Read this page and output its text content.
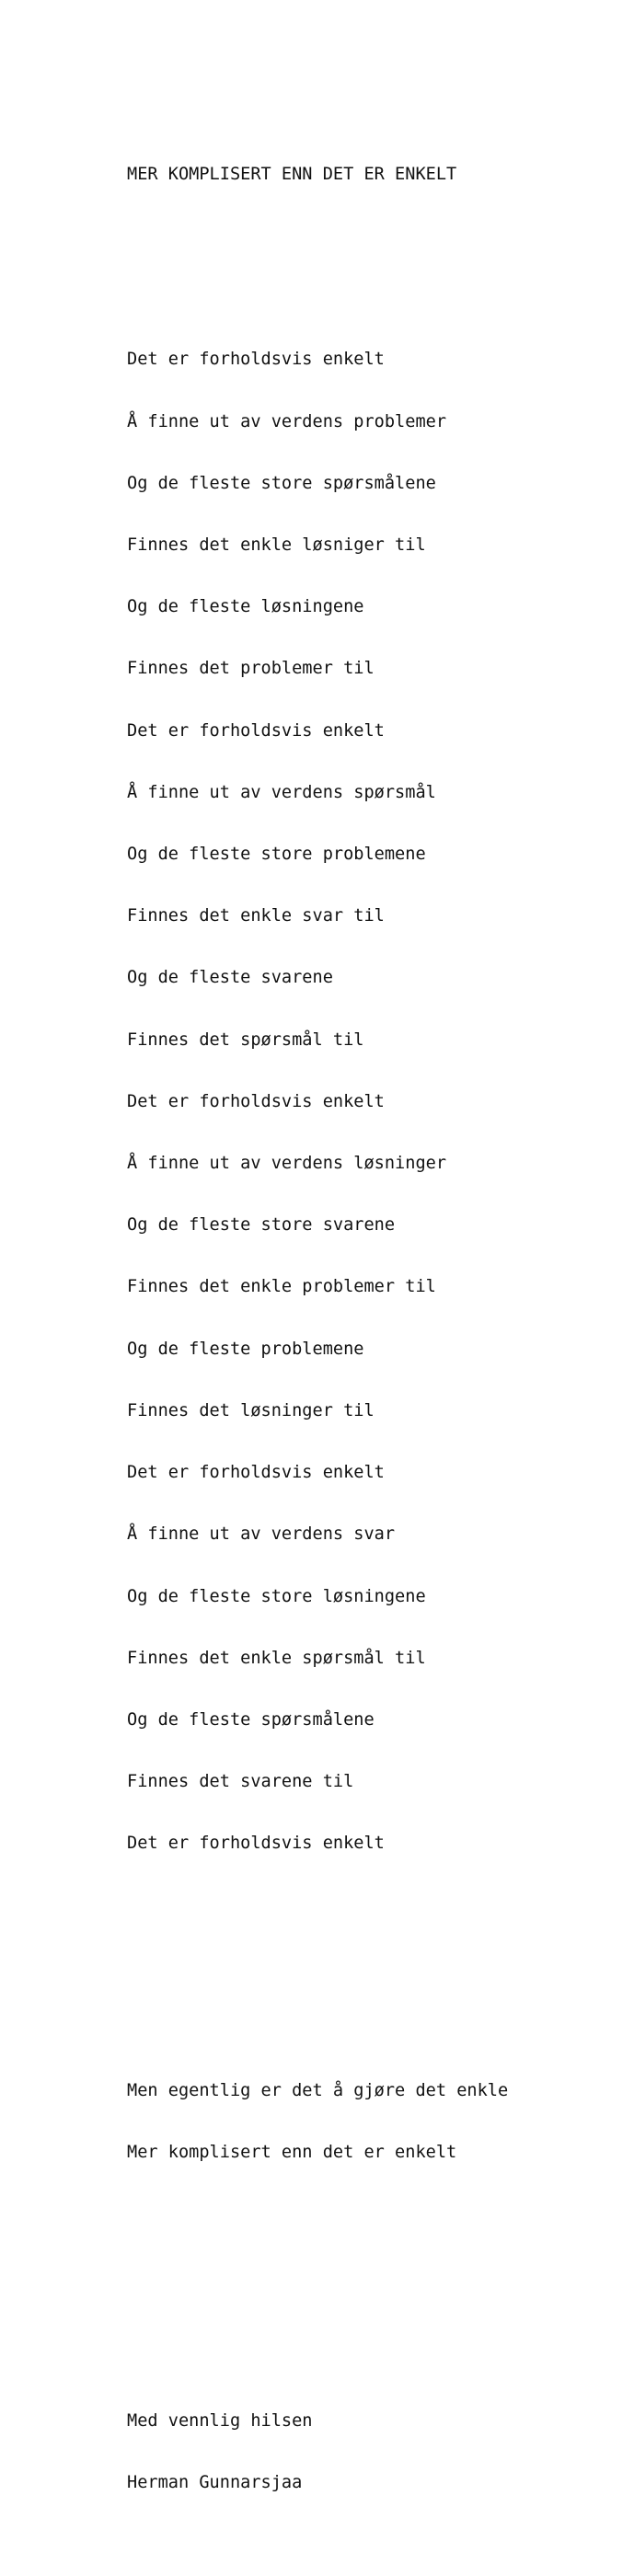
MER KOMPLISERT ENN DET ER ENKELT

Det er forholdsvis enkelt

Å finne ut av verdens problemer

Og de fleste store spørsmålene

Finnes det enkle løsniger til

Og de fleste løsningene

Finnes det problemer til

Det er forholdsvis enkelt

Å finne ut av verdens spørsmål

Og de fleste store problemene

Finnes det enkle svar til

Og de fleste svarene

Finnes det spørsmål til

Det er forholdsvis enkelt

Å finne ut av verdens løsninger

Og de fleste store svarene

Finnes det enkle problemer til

Og de fleste problemene

Finnes det løsninger til

Det er forholdsvis enkelt

Å finne ut av verdens svar

Og de fleste store løsningene

Finnes det enkle spørsmål til

Og de fleste spørsmålene

Finnes det svarene til

Det er forholdsvis enkelt

Men egentlig er det å gjøre det enkle

Mer komplisert enn det er enkelt

Med vennlig hilsen

Herman Gunnarsjaa
